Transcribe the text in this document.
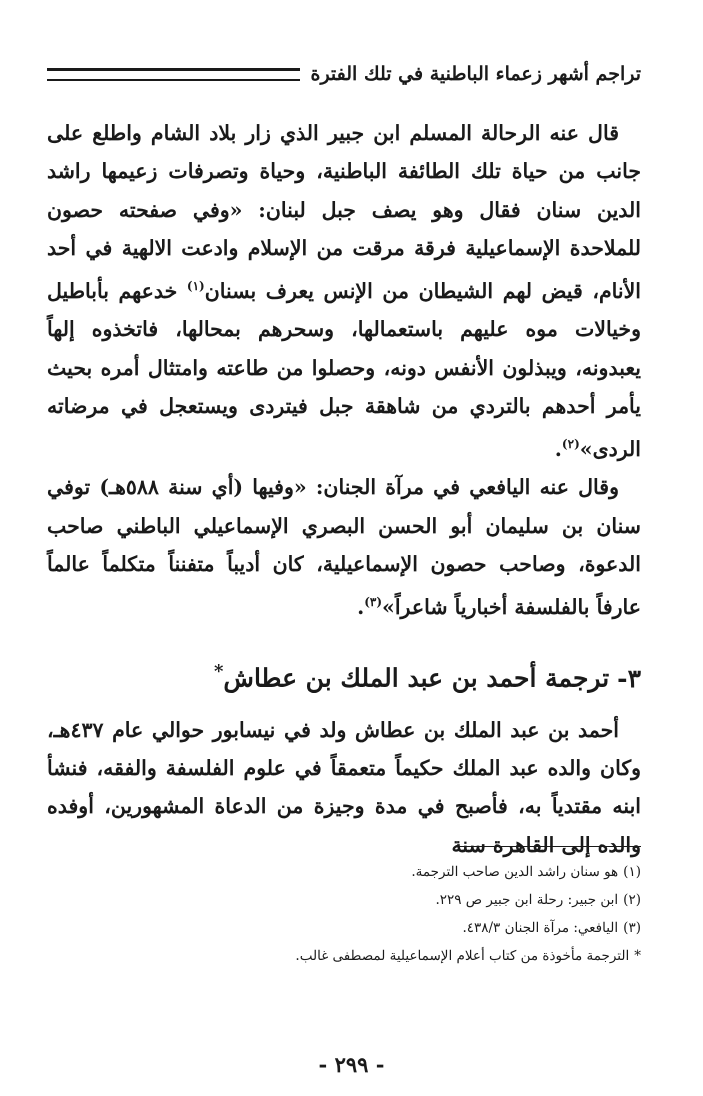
تراجم أشهر زعماء الباطنية في تلك الفترة

قال عنه الرحالة المسلم ابن جبير الذي زار بلاد الشام واطلع على جانب من حياة تلك الطائفة الباطنية، وحياة وتصرفات زعيمها راشد الدين سنان فقال وهو يصف جبل لبنان: «وفي صفحته حصون للملاحدة الإسماعيلية فرقة مرقت من الإسلام وادعت الالهية في أحد الأنام، قيض لهم الشيطان من الإنس يعرف بسنان$^{(١)}$ خدعهم بأباطيل وخيالات موه عليهم باستعمالها، وسحرهم بمحالها، فاتخذوه إلهاً يعبدونه، ويبذلون الأنفس دونه، وحصلوا من طاعته وامتثال أمره بحيث يأمر أحدهم بالتردي من شاهقة جبل فيتردى ويستعجل في مرضاته الردى»$^{(٢)}$.

وقال عنه اليافعي في مرآة الجنان: «وفيها (أي سنة ٥٨٨هـ) توفي سنان بن سليمان أبو الحسن البصري الإسماعيلي الباطني صاحب الدعوة، وصاحب حصون الإسماعيلية، كان أديباً متفنناً متكلماً عالماً عارفاً بالفلسفة أخبارياً شاعراً»$^{(٣)}$.

٣-ترجمة أحمد بن عبد الملك بن عطاش*

أحمد بن عبد الملك بن عطاش ولد في نيسابور حوالي عام ٤٣٧هـ، وكان والده عبد الملك حكيماً متعمقاً في علوم الفلسفة والفقه، فنشأ ابنه مقتدياً به، فأصبح في مدة وجيزة من الدعاة المشهورين، أوفده والده إلى القاهرة سنة

(١)هو سنان راشد الدين صاحب الترجمة.

(٢)ابن جبير: رحلة ابن جبير ص ٢٢٩.

(٣)اليافعي: مرآة الجنان ٤٣٨/٣.

*الترجمة مأخوذة من كتاب أعلام الإسماعيلية لمصطفى غالب.

- ٢٩٩ -
